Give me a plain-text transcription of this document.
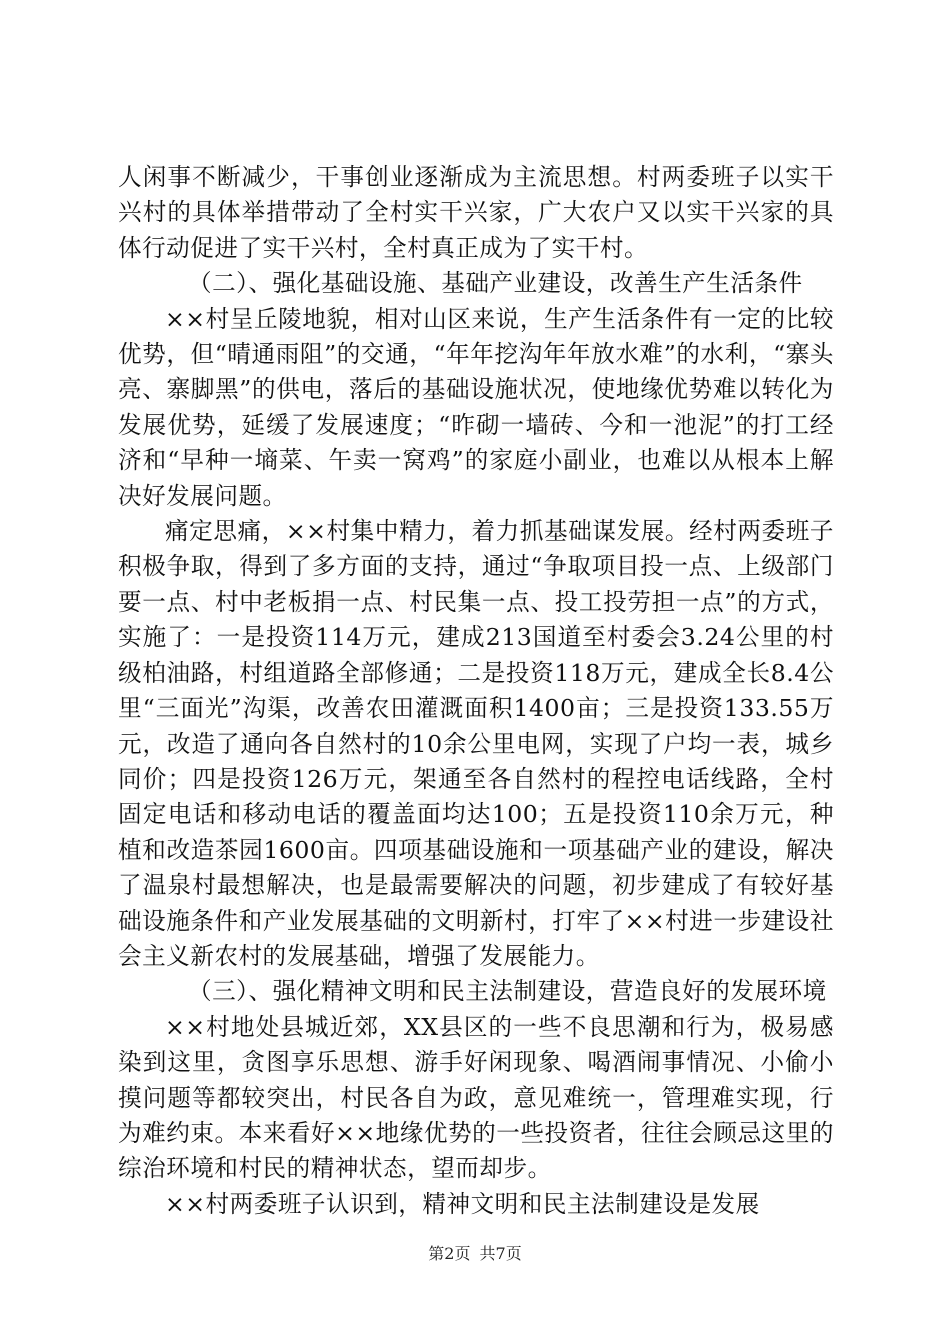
人闲事不断减少，干事创业逐渐成为主流思想。村两委班子以实干兴村的具体举措带动了全村实干兴家，广大农户又以实干兴家的具体行动促进了实干兴村，全村真正成为了实干村。

（二）、强化基础设施、基础产业建设，改善生产生活条件

××村呈丘陵地貌，相对山区来说，生产生活条件有一定的比较优势，但“晴通雨阻”的交通，“年年挖沟年年放水难”的水利，“寨头亮、寨脚黑”的供电，落后的基础设施状况，使地缘优势难以转化为发展优势，延缓了发展速度；“昨砌一墙砖、今和一池泥”的打工经济和“早种一墒菜、午卖一窝鸡”的家庭小副业，也难以从根本上解决好发展问题。

痛定思痛，××村集中精力，着力抓基础谋发展。经村两委班子积极争取，得到了多方面的支持，通过“争取项目投一点、上级部门要一点、村中老板捐一点、村民集一点、投工投劳担一点”的方式，实施了：一是投资114万元，建成213国道至村委会3.24公里的村级柏油路，村组道路全部修通；二是投资118万元，建成全长8.4公里“三面光”沟渠，改善农田灌溉面积1400亩；三是投资133.55万元，改造了通向各自然村的10余公里电网，实现了户均一表，城乡同价；四是投资126万元，架通至各自然村的程控电话线路，全村固定电话和移动电话的覆盖面均达100；五是投资110余万元，种植和改造茶园1600亩。四项基础设施和一项基础产业的建设，解决了温泉村最想解决，也是最需要解决的问题，初步建成了有较好基础设施条件和产业发展基础的文明新村，打牢了××村进一步建设社会主义新农村的发展基础，增强了发展能力。

（三）、强化精神文明和民主法制建设，营造良好的发展环境

××村地处县城近郊，XX县区的一些不良思潮和行为，极易感染到这里，贪图享乐思想、游手好闲现象、喝酒闹事情况、小偷小摸问题等都较突出，村民各自为政，意见难统一，管理难实现，行为难约束。本来看好××地缘优势的一些投资者，往往会顾忌这里的综治环境和村民的精神状态，望而却步。

××村两委班子认识到，精神文明和民主法制建设是发展

第2页 共7页
